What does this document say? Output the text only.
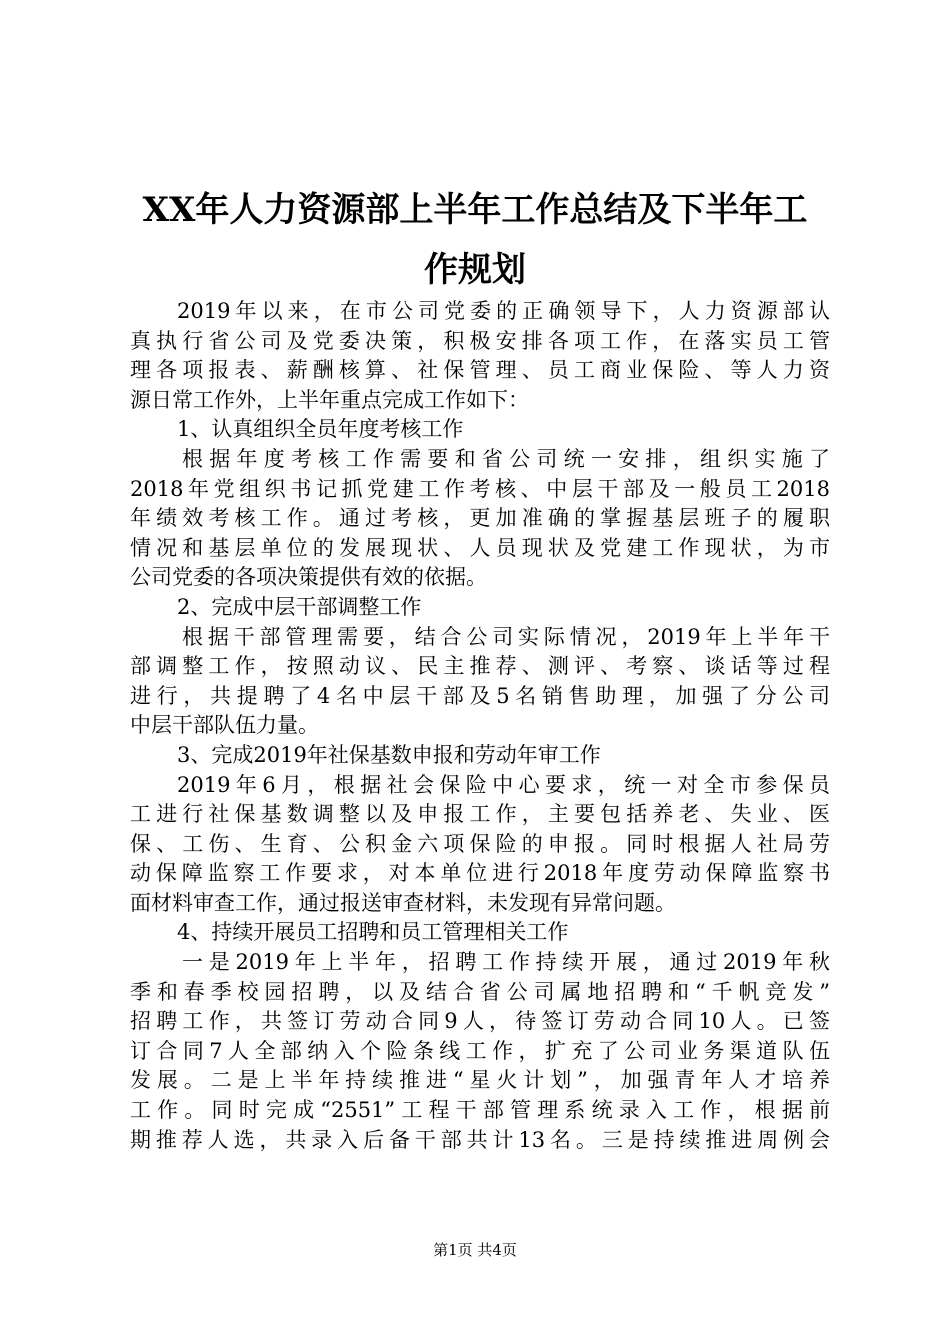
XX年人力资源部上半年工作总结及下半年工
作规划
2019年以来，在市公司党委的正确领导下，人力资源部认
真执行省公司及党委决策，积极安排各项工作，在落实员工管
理各项报表、薪酬核算、社保管理、员工商业保险、等人力资
源日常工作外，上半年重点完成工作如下：
1、认真组织全员年度考核工作
根据年度考核工作需要和省公司统一安排，组织实施了
2018年党组织书记抓党建工作考核、中层干部及一般员工2018
年绩效考核工作。通过考核，更加准确的掌握基层班子的履职
情况和基层单位的发展现状、人员现状及党建工作现状，为市
公司党委的各项决策提供有效的依据。
2、完成中层干部调整工作
根据干部管理需要，结合公司实际情况，2019年上半年干
部调整工作，按照动议、民主推荐、测评、考察、谈话等过程
进行，共提聘了4名中层干部及5名销售助理，加强了分公司
中层干部队伍力量。
3、完成2019年社保基数申报和劳动年审工作
2019年6月，根据社会保险中心要求，统一对全市参保员
工进行社保基数调整以及申报工作，主要包括养老、失业、医
保、工伤、生育、公积金六项保险的申报。同时根据人社局劳
动保障监察工作要求，对本单位进行2018年度劳动保障监察书
面材料审查工作，通过报送审查材料，未发现有异常问题。
4、持续开展员工招聘和员工管理相关工作
一是2019年上半年，招聘工作持续开展，通过2019年秋
季和春季校园招聘，以及结合省公司属地招聘和“千帆竞发”
招聘工作，共签订劳动合同9人，待签订劳动合同10人。已签
订合同7人全部纳入个险条线工作，扩充了公司业务渠道队伍
发展。二是上半年持续推进“星火计划”，加强青年人才培养
工作。同时完成“2551”工程干部管理系统录入工作，根据前
期推荐人选，共录入后备干部共计13名。三是持续推进周例会
第1页 共4页
